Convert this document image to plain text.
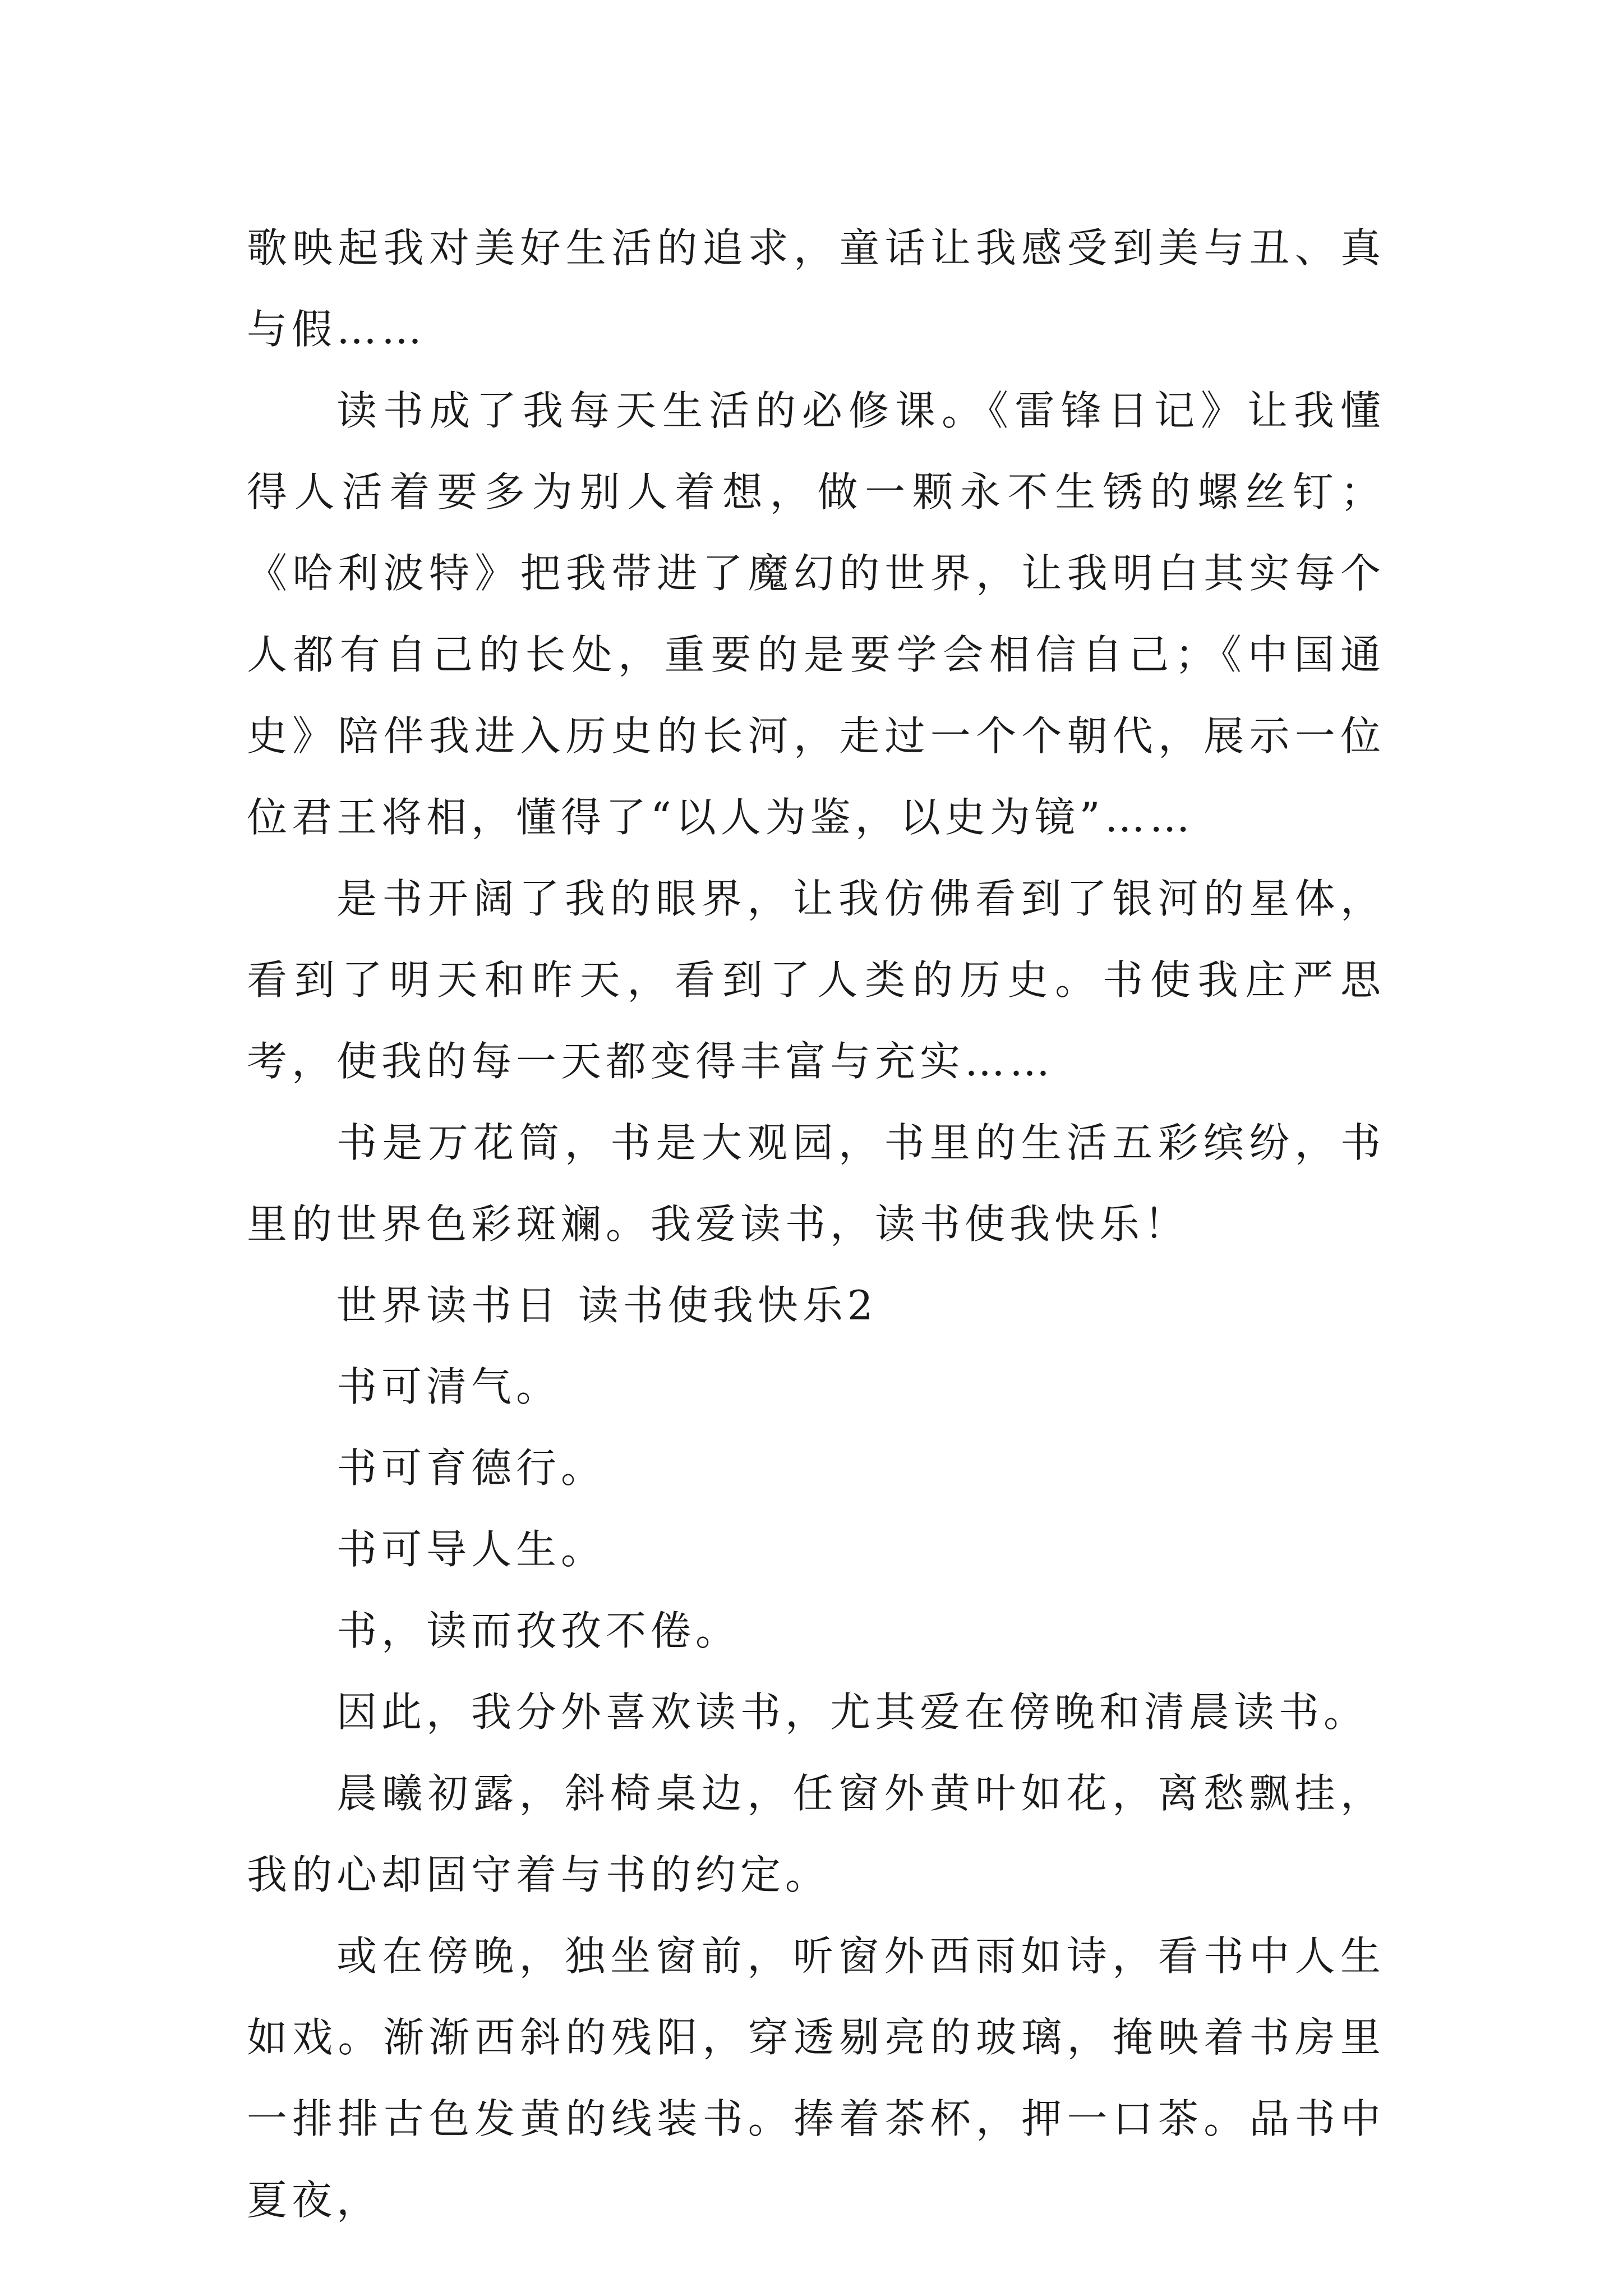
歌映起我对美好生活的追求，童话让我感受到美与丑、真与假……

读书成了我每天生活的必修课。《雷锋日记》让我懂得人活着要多为别人着想，做一颗永不生锈的螺丝钉；《哈利波特》把我带进了魔幻的世界，让我明白其实每个人都有自己的长处，重要的是要学会相信自己；《中国通史》陪伴我进入历史的长河，走过一个个朝代，展示一位位君王将相，懂得了“以人为鉴，以史为镜”……

是书开阔了我的眼界，让我仿佛看到了银河的星体，看到了明天和昨天，看到了人类的历史。书使我庄严思考，使我的每一天都变得丰富与充实……

书是万花筒，书是大观园，书里的生活五彩缤纷，书里的世界色彩斑斓。我爱读书，读书使我快乐！

世界读书日 读书使我快乐2

书可清气。

书可育德行。

书可导人生。

书，读而孜孜不倦。

因此，我分外喜欢读书，尤其爱在傍晚和清晨读书。

晨曦初露，斜椅桌边，任窗外黄叶如花，离愁飘挂，我的心却固守着与书的约定。

或在傍晚，独坐窗前，听窗外西雨如诗，看书中人生如戏。渐渐西斜的残阳，穿透剔亮的玻璃，掩映着书房里一排排古色发黄的线装书。捧着茶杯，押一口茶。品书中夏夜，
